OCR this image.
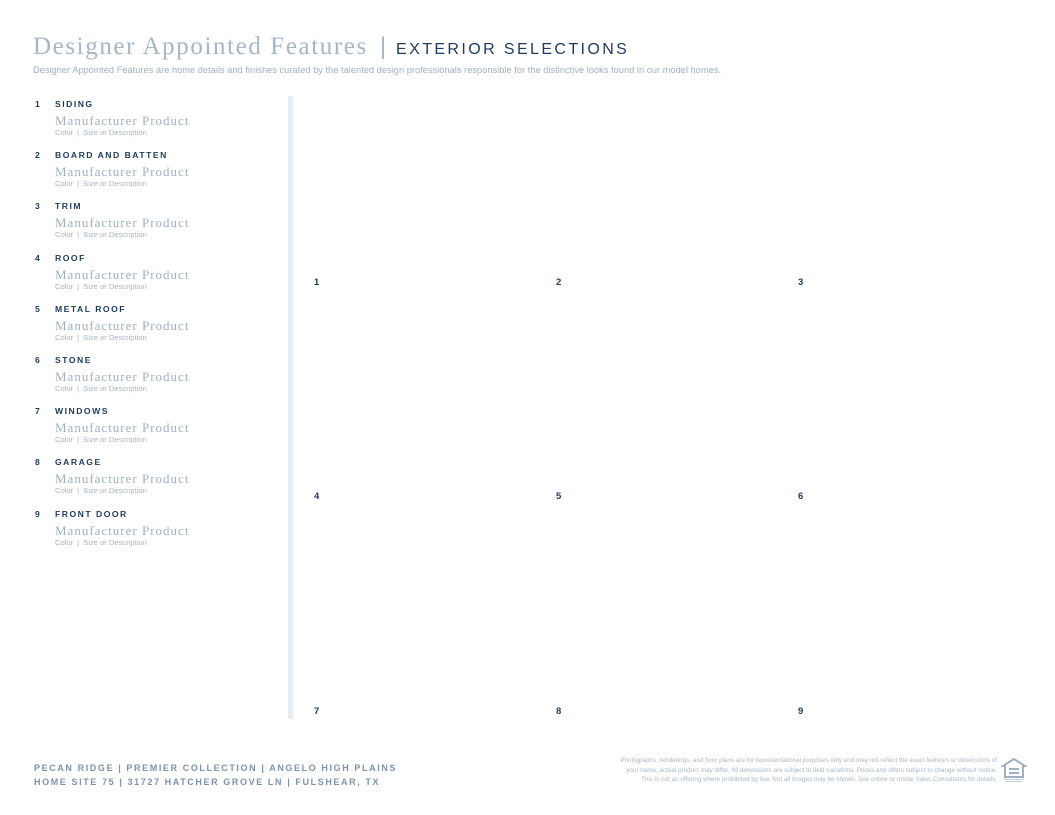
Designer Appointed Features | EXTERIOR SELECTIONS
Designer Appointed Features are home details and finishes curated by the talented design professionals responsible for the distinctive looks found in our model homes.
1	SIDING
Manufacturer Product
Color | Size or Description
2	BOARD AND BATTEN
Manufacturer Product
Color | Size or Description
3	TRIM
Manufacturer Product
Color | Size or Description
4	ROOF
Manufacturer Product
Color | Size or Description
5	METAL ROOF
Manufacturer Product
Color | Size or Description
6	STONE
Manufacturer Product
Color | Size or Description
7	WINDOWS
Manufacturer Product
Color | Size or Description
8	GARAGE
Manufacturer Product
Color | Size or Description
9	FRONT DOOR
Manufacturer Product
Color | Size or Description
1	2	3
4	5	6
7	8	9
PECAN RIDGE | PREMIER COLLECTION | ANGELO HIGH PLAINS
HOME SITE 75 | 31727 HATCHER GROVE LN | FULSHEAR, TX
Photographs, renderings, and floor plans are for representational purposes only and may not reflect the exact features or dimensions of
your home; actual product may differ. All dimensions are subject to field variations. Prices and offers subject to change without notice.
This is not an offering where prohibited by law. Not all images may be shown. See online or onsite Sales Consultants for details.
